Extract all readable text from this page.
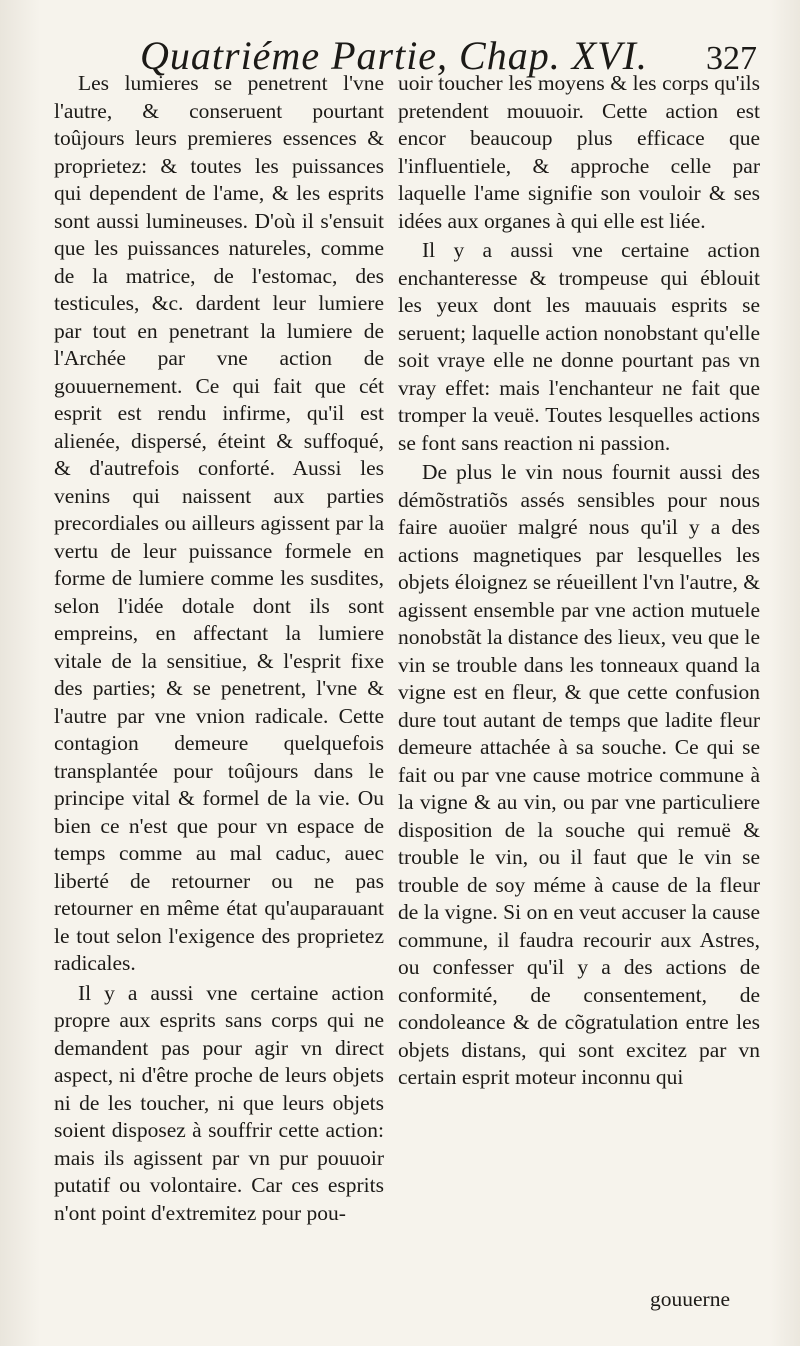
Quatriéme Partie, Chap. XVI. 327

Les lumieres se penetrent l'vne l'autre, & conseruent pourtant toûjours leurs premieres essences & proprietez: & toutes les puissances qui dependent de l'ame, & les esprits sont aussi lumineuses. D'où il s'ensuit que les puissances natureles, comme de la matrice, de l'estomac, des testicules, &c. dardent leur lumiere par tout en penetrant la lumiere de l'Archée par vne action de gouuernement. Ce qui fait que cét esprit est rendu infirme, qu'il est alienée, dispersé, éteint & suffoqué, & d'autrefois conforté. Aussi les venins qui naissent aux parties precordiales ou ailleurs agissent par la vertu de leur puissance formele en forme de lumiere comme les susdites, selon l'idée dotale dont ils sont empreins, en affectant la lumiere vitale de la sensitiue, & l'esprit fixe des parties; & se penetrent, l'vne & l'autre par vne vnion radicale. Cette contagion demeure quelquefois transplantée pour toûjours dans le principe vital & formel de la vie. Ou bien ce n'est que pour vn espace de temps comme au mal caduc, auec liberté de retourner ou ne pas retourner en même état qu'auparauant le tout selon l'exigence des proprietez radicales.

Il y a aussi vne certaine action propre aux esprits sans corps qui ne demandent pas pour agir vn direct aspect, ni d'être proche de leurs objets ni de les toucher, ni que leurs objets soient disposez à souffrir cette action: mais ils agissent par vn pur pouuoir putatif ou volontaire. Car ces esprits n'ont point d'extremitez pour pou-

uoir toucher les moyens & les corps qu'ils pretendent mouuoir. Cette action est encor beaucoup plus efficace que l'influentiele, & approche celle par laquelle l'ame signifie son vouloir & ses idées aux organes à qui elle est liée.

Il y a aussi vne certaine action enchanteresse & trompeuse qui éblouit les yeux dont les mauuais esprits se seruent; laquelle action nonobstant qu'elle soit vraye elle ne donne pourtant pas vn vray effet: mais l'enchanteur ne fait que tromper la veuë. Toutes lesquelles actions se font sans reaction ni passion.

De plus le vin nous fournit aussi des démõstratiõs assés sensibles pour nous faire auoüer malgré nous qu'il y a des actions magnetiques par lesquelles les objets éloignez se réueillent l'vn l'autre, & agissent ensemble par vne action mutuele nonobstãt la distance des lieux, veu que le vin se trouble dans les tonneaux quand la vigne est en fleur, & que cette confusion dure tout autant de temps que ladite fleur demeure attachée à sa souche. Ce qui se fait ou par vne cause motrice commune à la vigne & au vin, ou par vne particuliere disposition de la souche qui remuë & trouble le vin, ou il faut que le vin se trouble de soy méme à cause de la fleur de la vigne. Si on en veut accuser la cause commune, il faudra recourir aux Astres, ou confesser qu'il y a des actions de conformité, de consentement, de condoleance & de cõgratulation entre les objets distans, qui sont excitez par vn certain esprit moteur inconnu qui

gouuerne
